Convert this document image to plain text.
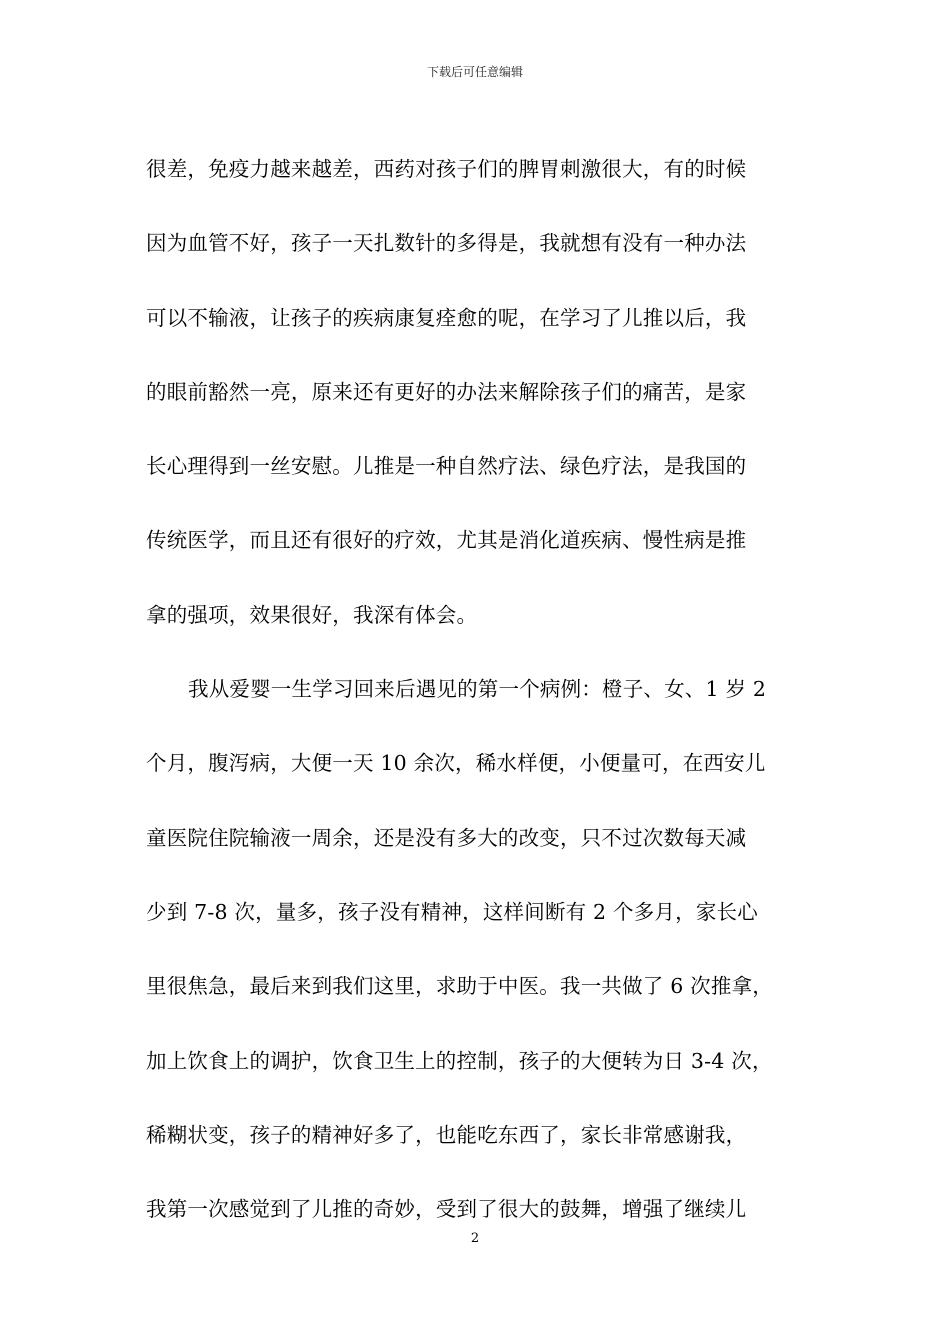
下载后可任意编辑
很差，免疫力越来越差，西药对孩子们的脾胃刺激很大，有的时候
因为血管不好，孩子一天扎数针的多得是，我就想有没有一种办法
可以不输液，让孩子的疾病康复痊愈的呢，在学习了儿推以后，我
的眼前豁然一亮，原来还有更好的办法来解除孩子们的痛苦，是家
长心理得到一丝安慰。儿推是一种自然疗法、绿色疗法，是我国的
传统医学，而且还有很好的疗效，尤其是消化道疾病、慢性病是推
拿的强项，效果很好，我深有体会。
我从爱婴一生学习回来后遇见的第一个病例：橙子、女、1 岁 2
个月，腹泻病，大便一天 10 余次，稀水样便，小便量可，在西安儿
童医院住院输液一周余，还是没有多大的改变，只不过次数每天减
少到 7-8 次，量多，孩子没有精神，这样间断有 2 个多月，家长心
里很焦急，最后来到我们这里，求助于中医。我一共做了 6 次推拿，
加上饮食上的调护，饮食卫生上的控制，孩子的大便转为日 3-4 次，
稀糊状变，孩子的精神好多了，也能吃东西了，家长非常感谢我，
我第一次感觉到了儿推的奇妙，受到了很大的鼓舞，增强了继续儿
2
